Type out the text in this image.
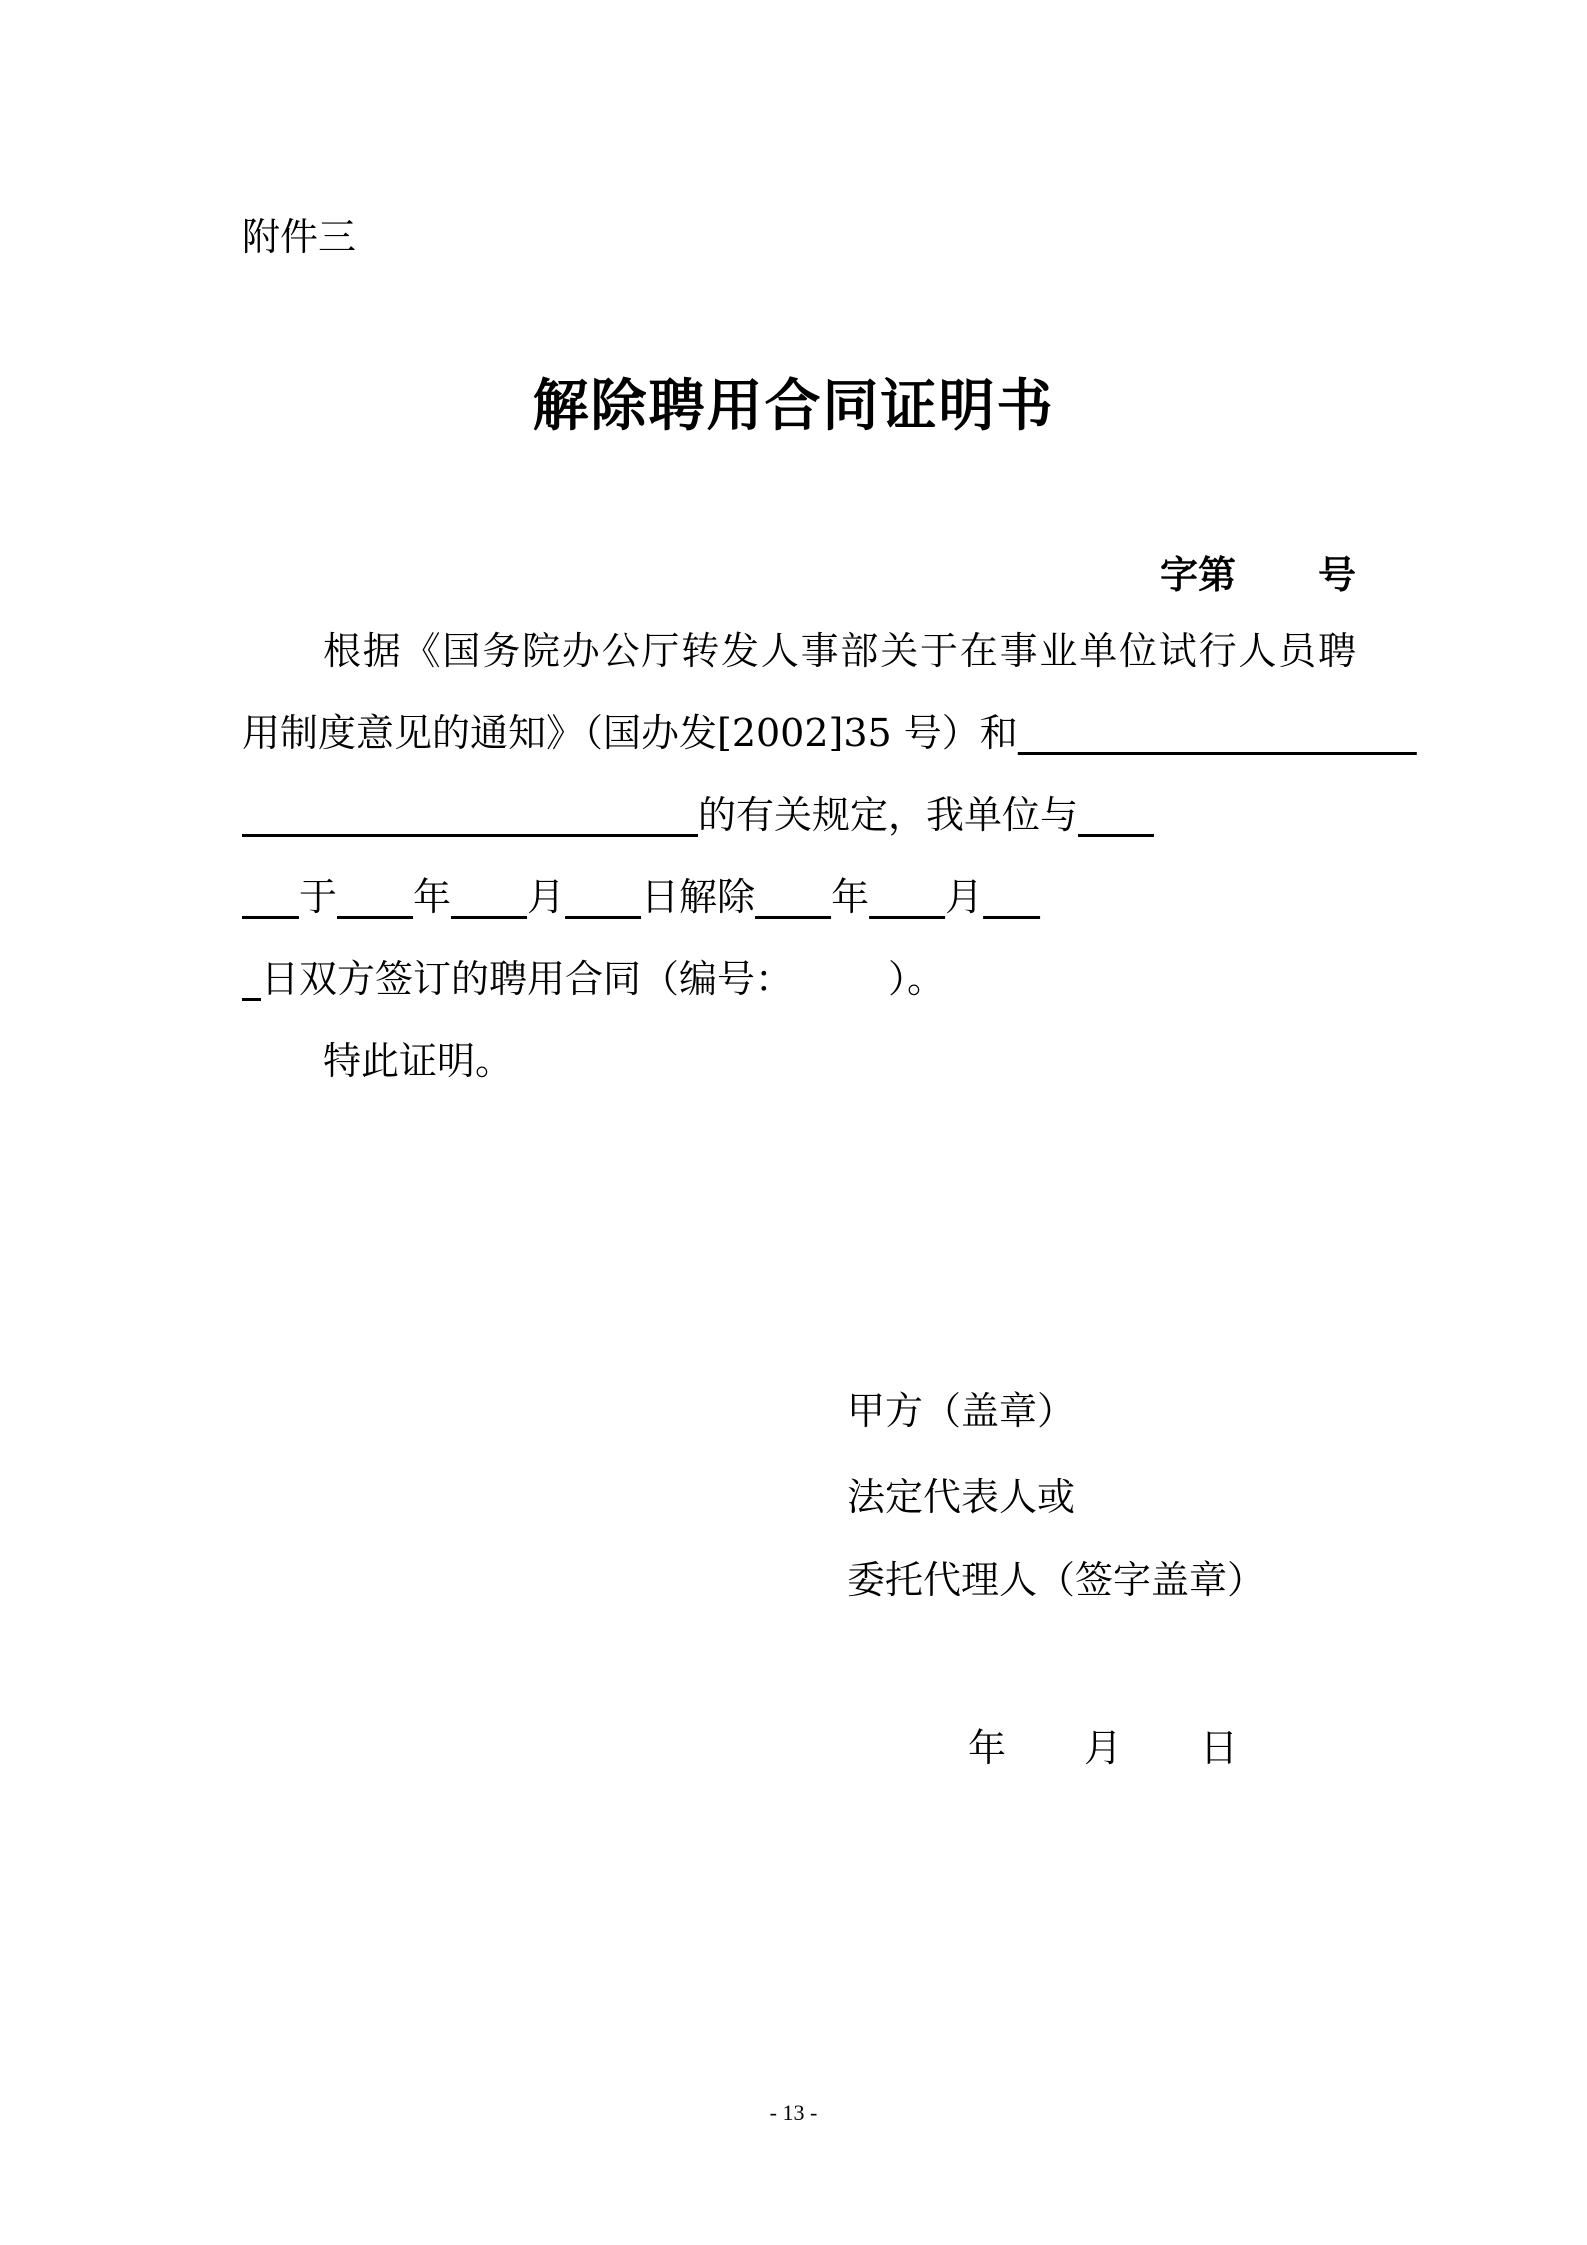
附件三
解除聘用合同证明书
字第 号
根据《国务院办公厅转发人事部关于在事业单位试行人员聘
用制度意见的通知》（国办发[2002]35 号）和                     
                        的有关规定，我单位与    
   于     年     月     日解除     年     月   
 日双方签订的聘用合同（编号：     	）。
特此证明。
甲方（盖章）
法定代表人或
委托代理人（签字盖章）
年 月 日
- 13 -
